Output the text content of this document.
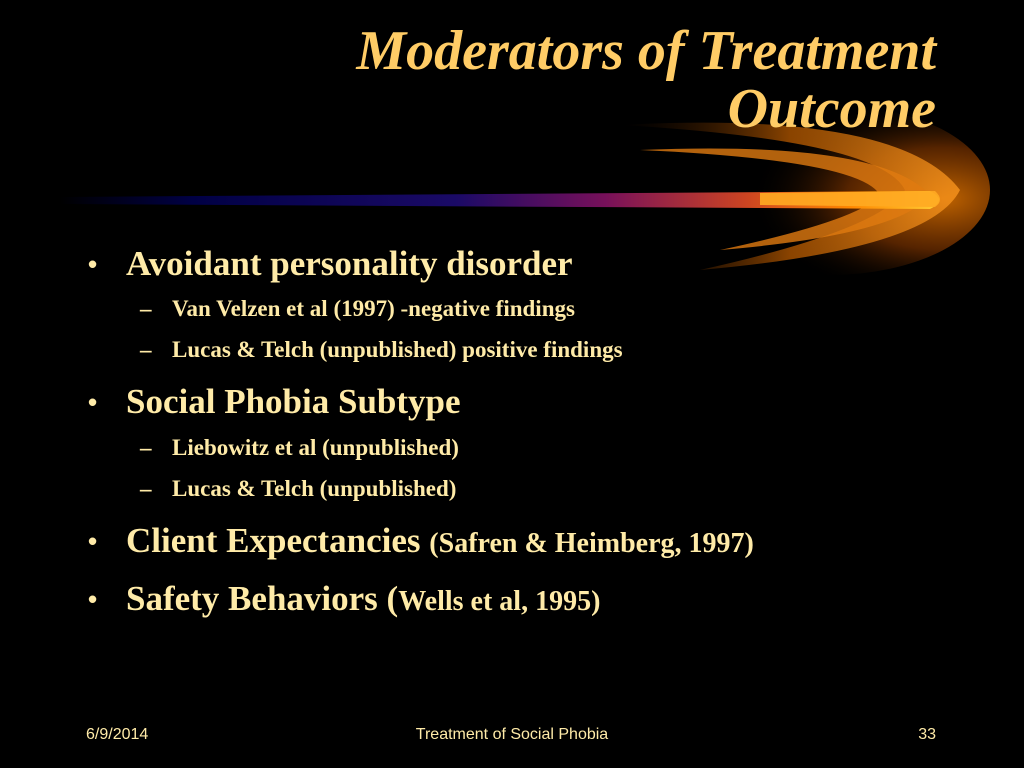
Moderators of Treatment
Outcome
• Avoidant personality disorder
– Van Velzen et al (1997) -negative findings
– Lucas & Telch (unpublished) positive findings
• Social Phobia Subtype
– Liebowitz et al (unpublished)
– Lucas & Telch (unpublished)
• Client Expectancies (Safren & Heimberg, 1997)
• Safety Behaviors (Wells et al, 1995)
6/9/2014	Treatment of Social Phobia	33
